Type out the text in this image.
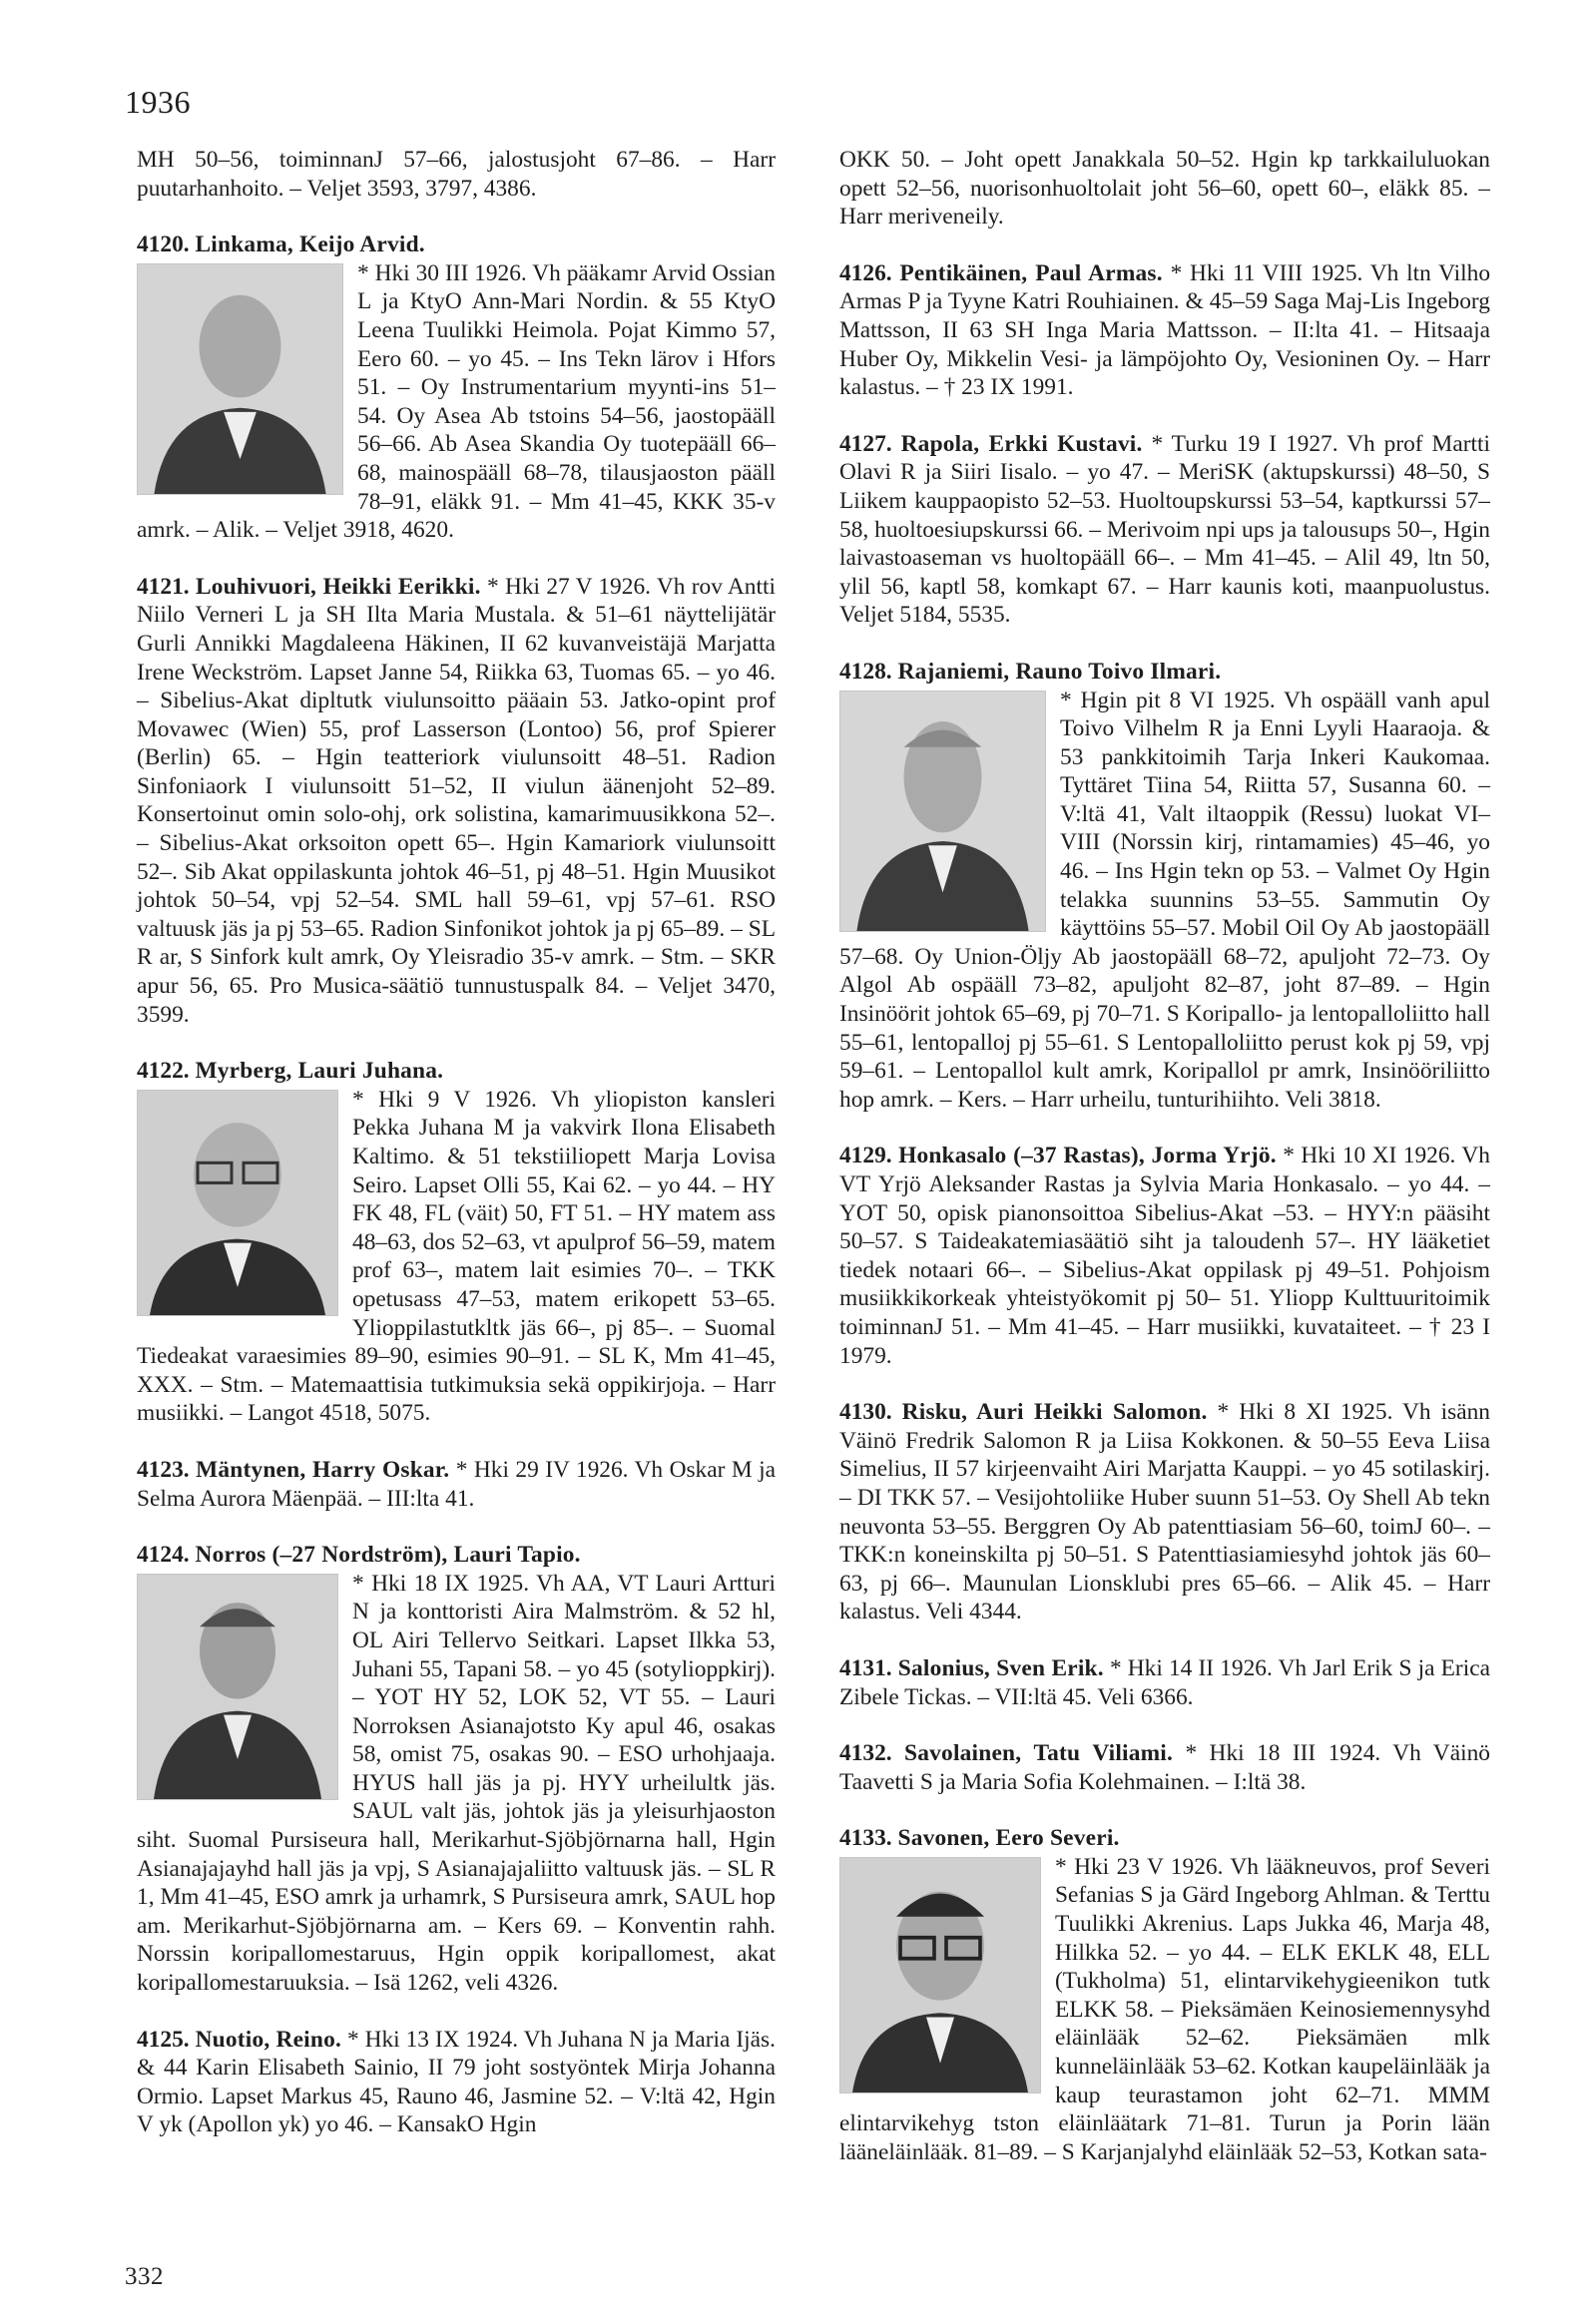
1936

MH 50–56, toiminnanJ 57–66, jalostusjoht 67–86. – Harr puutarhanhoito. – Veljet 3593, 3797, 4386.

4120. Linkama, Keijo Arvid.

* Hki 30 III 1926. Vh pääkamr Arvid Ossian L ja KtyO Ann-Mari Nordin. & 55 KtyO Leena Tuulikki Heimola. Pojat Kimmo 57, Eero 60. – yo 45. – Ins Tekn lärov i Hfors 51. – Oy Instrumentarium myynti-ins 51–54. Oy Asea Ab tstoins 54–56, jaostopääll 56–66. Ab Asea Skandia Oy tuotepääll 66–68, mainospääll 68–78, tilausjaoston pääll 78–91, eläkk 91. – Mm 41–45, KKK 35-v amrk. – Alik. – Veljet 3918, 4620.

4121. Louhivuori, Heikki Eerikki. * Hki 27 V 1926. Vh rov Antti Niilo Verneri L ja SH Ilta Maria Mustala. & 51–61 näyttelijätär Gurli Annikki Magdaleena Häkinen, II 62 kuvanveistäjä Marjatta Irene Weckström. Lapset Janne 54, Riikka 63, Tuomas 65. – yo 46. – Sibelius-Akat dipltutk viulunsoitto pääain 53. Jatko-opint prof Movawec (Wien) 55, prof Lasserson (Lontoo) 56, prof Spierer (Berlin) 65. – Hgin teatteriork viulunsoitt 48–51. Radion Sinfoniaork I viulunsoitt 51–52, II viulun äänenjoht 52–89. Konsertoinut omin solo-ohj, ork solistina, kamarimuusikkona 52–. – Sibelius-Akat orksoiton opett 65–. Hgin Kamariork viulunsoitt 52–. Sib Akat oppilaskunta johtok 46–51, pj 48–51. Hgin Muusikot johtok 50–54, vpj 52–54. SML hall 59–61, vpj 57–61. RSO valtuusk jäs ja pj 53–65. Radion Sinfonikot johtok ja pj 65–89. – SL R ar, S Sinfork kult amrk, Oy Yleisradio 35-v amrk. – Stm. – SKR apur 56, 65. Pro Musica-säätiö tunnustuspalk 84. – Veljet 3470, 3599.

4122. Myrberg, Lauri Juhana.

* Hki 9 V 1926. Vh yliopiston kansleri Pekka Juhana M ja vakvirk Ilona Elisabeth Kaltimo. & 51 tekstiiliopett Marja Lovisa Seiro. Lapset Olli 55, Kai 62. – yo 44. – HY FK 48, FL (väit) 50, FT 51. – HY matem ass 48–63, dos 52–63, vt apulprof 56–59, matem prof 63–, matem lait esimies 70–. – TKK opetusass 47–53, matem erikopett 53–65. Ylioppilastutkltk jäs 66–, pj 85–. – Suomal Tiedeakat varaesimies 89–90, esimies 90–91. – SL K, Mm 41–45, XXX. – Stm. – Matemaattisia tutkimuksia sekä oppikirjoja. – Harr musiikki. – Langot 4518, 5075.

4123. Mäntynen, Harry Oskar. * Hki 29 IV 1926. Vh Oskar M ja Selma Aurora Mäenpää. – III:lta 41.

4124. Norros (–27 Nordström), Lauri Tapio.

* Hki 18 IX 1925. Vh AA, VT Lauri Artturi N ja konttoristi Aira Malmström. & 52 hl, OL Airi Tellervo Seitkari. Lapset Ilkka 53, Juhani 55, Tapani 58. – yo 45 (sotylioppkirj). – YOT HY 52, LOK 52, VT 55. – Lauri Norroksen Asianajotsto Ky apul 46, osakas 58, omist 75, osakas 90. – ESO urhohjaaja. HYUS hall jäs ja pj. HYY urheilultk jäs. SAUL valt jäs, johtok jäs ja yleisurhjaoston siht. Suomal Pursiseura hall, Merikarhut-Sjöbjörnarna hall, Hgin Asianajajayhd hall jäs ja vpj, S Asianajajaliitto valtuusk jäs. – SL R 1, Mm 41–45, ESO amrk ja urhamrk, S Pursiseura amrk, SAUL hop am. Merikarhut-Sjöbjörnarna am. – Kers 69. – Konventin rahh. Norssin koripallomestaruus, Hgin oppik koripallomest, akat koripallomestaruuksia. – Isä 1262, veli 4326.

4125. Nuotio, Reino. * Hki 13 IX 1924. Vh Juhana N ja Maria Ijäs. & 44 Karin Elisabeth Sainio, II 79 joht sostyöntek Mirja Johanna Ormio. Lapset Markus 45, Rauno 46, Jasmine 52. – V:ltä 42, Hgin V yk (Apollon yk) yo 46. – KansakO Hgin

OKK 50. – Joht opett Janakkala 50–52. Hgin kp tarkkailuluokan opett 52–56, nuorisonhuoltolait joht 56–60, opett 60–, eläkk 85. – Harr meriveneily.

4126. Pentikäinen, Paul Armas. * Hki 11 VIII 1925. Vh ltn Vilho Armas P ja Tyyne Katri Rouhiainen. & 45–59 Saga Maj-Lis Ingeborg Mattsson, II 63 SH Inga Maria Mattsson. – II:lta 41. – Hitsaaja Huber Oy, Mikkelin Vesi- ja lämpöjohto Oy, Vesioninen Oy. – Harr kalastus. – † 23 IX 1991.

4127. Rapola, Erkki Kustavi. * Turku 19 I 1927. Vh prof Martti Olavi R ja Siiri Iisalo. – yo 47. – MeriSK (aktupskurssi) 48–50, S Liikem kauppaopisto 52–53. Huoltoupskurssi 53–54, kaptkurssi 57–58, huoltoesiupskurssi 66. – Merivoim npi ups ja talousups 50–, Hgin laivastoaseman vs huoltopääll 66–. – Mm 41–45. – Alil 49, ltn 50, ylil 56, kaptl 58, komkapt 67. – Harr kaunis koti, maanpuolustus. Veljet 5184, 5535.

4128. Rajaniemi, Rauno Toivo Ilmari.

* Hgin pit 8 VI 1925. Vh ospääll vanh apul Toivo Vilhelm R ja Enni Lyyli Haaraoja. & 53 pankkitoimih Tarja Inkeri Kaukomaa. Tyttäret Tiina 54, Riitta 57, Susanna 60. – V:ltä 41, Valt iltaoppik (Ressu) luokat VI–VIII (Norssin kirj, rintamamies) 45–46, yo 46. – Ins Hgin tekn op 53. – Valmet Oy Hgin telakka suunnins 53–55. Sammutin Oy käyttöins 55–57. Mobil Oil Oy Ab jaostopääll 57–68. Oy Union-Öljy Ab jaostopääll 68–72, apuljoht 72–73. Oy Algol Ab ospääll 73–82, apuljoht 82–87, joht 87–89. – Hgin Insinöörit johtok 65–69, pj 70–71. S Koripallo- ja lentopalloliitto hall 55–61, lentopalloj pj 55–61. S Lentopalloliitto perust kok pj 59, vpj 59–61. – Lentopallol kult amrk, Koripallol pr amrk, Insinööriliitto hop amrk. – Kers. – Harr urheilu, tunturihiihto. Veli 3818.

4129. Honkasalo (–37 Rastas), Jorma Yrjö. * Hki 10 XI 1926. Vh VT Yrjö Aleksander Rastas ja Sylvia Maria Honkasalo. – yo 44. – YOT 50, opisk pianonsoittoa Sibelius-Akat –53. – HYY:n pääsiht 50–57. S Taideakatemiasäätiö siht ja taloudenh 57–. HY lääketiet tiedek notaari 66–. – Sibelius-Akat oppilask pj 49–51. Pohjoism musiikkikorkeak yhteistyökomit pj 50– 51. Yliopp Kulttuuritoimik toiminnanJ 51. – Mm 41–45. – Harr musiikki, kuvataiteet. – † 23 I 1979.

4130. Risku, Auri Heikki Salomon. * Hki 8 XI 1925. Vh isänn Väinö Fredrik Salomon R ja Liisa Kokkonen. & 50–55 Eeva Liisa Simelius, II 57 kirjeenvaiht Airi Marjatta Kauppi. – yo 45 sotilaskirj. – DI TKK 57. – Vesijohtoliike Huber suunn 51–53. Oy Shell Ab tekn neuvonta 53–55. Berggren Oy Ab patenttiasiam 56–60, toimJ 60–. – TKK:n koneinskilta pj 50–51. S Patenttiasiamiesyhd johtok jäs 60–63, pj 66–. Maunulan Lionsklubi pres 65–66. – Alik 45. – Harr kalastus. Veli 4344.

4131. Salonius, Sven Erik. * Hki 14 II 1926. Vh Jarl Erik S ja Erica Zibele Tickas. – VII:ltä 45. Veli 6366.

4132. Savolainen, Tatu Viliami. * Hki 18 III 1924. Vh Väinö Taavetti S ja Maria Sofia Kolehmainen. – I:ltä 38.

4133. Savonen, Eero Severi.

* Hki 23 V 1926. Vh lääkneuvos, prof Severi Sefanias S ja Gärd Ingeborg Ahlman. & Terttu Tuulikki Akrenius. Laps Jukka 46, Marja 48, Hilkka 52. – yo 44. – ELK EKLK 48, ELL (Tukholma) 51, elintarvikehygieenikon tutk ELKK 58. – Pieksämäen Keinosiemennysyhd eläinlääk 52–62. Pieksämäen mlk kunneläinlääk 53–62. Kotkan kaupeläinlääk ja kaup teurastamon joht 62–71. MMM elintarvikehyg tston eläinläätark 71–81. Turun ja Porin lään lääneläinlääk. 81–89. – S Karjanjalyhd eläinlääk 52–53, Kotkan sata-

332
